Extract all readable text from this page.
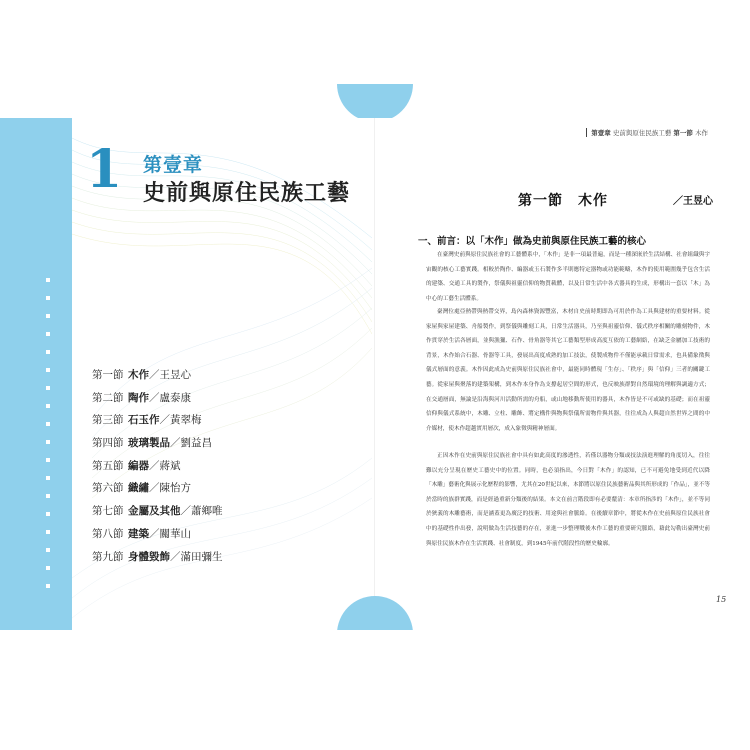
1 第壹章
史前與原住民族工藝
第一節 木作／王昱心
第二節 陶作／盧泰康
第三節 石玉作／黃翠梅
第四節 玻璃製品／劉益昌
第五節 編器／蔣斌
第六節 織繡／陳怡方
第七節 金屬及其他／蕭鄉唯
第八節 建築／關華山
第九節 身體毀飾／滿田彌生
第壹章 史前與原住民族工藝 第一節 木作
第一節　木作	／王昱心
一、前言：以「木作」做為史前與原住民族工藝的核心

在臺灣史前與原住民族社會的工藝體系中，「木作」是非一項最普遍，而是一種深嵌於生活結構、社會組織與宇宙觀的核心工藝實踐。相較於陶作、編器或玉石製作多半則應特定器物或功能範疇，木作的使用範圍幾乎包含生活的建築、交通工具的製作，祭儀與祖靈信仰的物質載體，以及日常生活中各式器具的生成，形構出一套以「木」為中心的工藝生活體系。

臺灣位處亞熱帶與熱帶交界，島內森林資源豐富，木材自史前時期即為可用於作為工具與建材的重要材料。從家屋與家屋建築、舟船製作，到祭儀與雕刻工具，日常生活器具，乃至與祖靈信仰、儀式秩序相關的雕刻物件，木作貫穿於生活各層面，並與漁獵、石作、骨角器等其它工藝類型形成高度互依的工藝網絡，在缺乏金屬加工技術的背景，木作始合石器、骨器等工具，發展出高度成熟的加工技法，使製成物件不僅能承載日常需求，也具備象徵與儀式層面的意義。木作因此成為史前與原住民族社會中，最能同時體現「生存」、「秩序」與「信仰」三者的關鍵工藝。從家屋與聚落的建築架構，到木作本身作為支撐起居空間的形式，也反映族群對自然環境的理解與調適方式；在交通層面，無論是沿海與河川活動所需的舟船，或山地移動所使用的器具，木作皆是不可或缺的基礎；而在祖靈信仰與儀式系統中，木雕、立柱、雕飾、將定構件與物與祭儀所需物件與其器，往往成為人與超自然世界之間的中介媒材，使木作超越實用層次，成入象徵與精神層面。

正因木作在史前與原住民族社會中具有如此高度的滲透性，若僅以器物分類或技法演進理解的角度切入，往往難以充分呈現在歷史工藝史中的位置。同時，也必須指出，今日對「木作」的認知，已不可避免地受到近代以降「木雕」藝術化與展示化歷程的影響，尤其在20世紀以來，本節將以原住民族藝術品與其所形成的「作品」，並不等於當時的族群實踐，而是經過重新分類後的結果。本文在前言階段即有必要釐清：本章所指涉的「木作」，並不等同於狹義的木雕藝術，而是涵蓋更為廣泛的技術、用途與社會脈絡。在後續章節中，將從木作在史前與原住民族社會中的基礎性作出發，說明做為生活技藝的存在，並進一步整理戰後木作工藝的重要研究脈絡，藉此勾勒出臺灣史前與原住民族木作在生活實踐、社會制度，到1945年前代階段性的歷史輪廓。

15
